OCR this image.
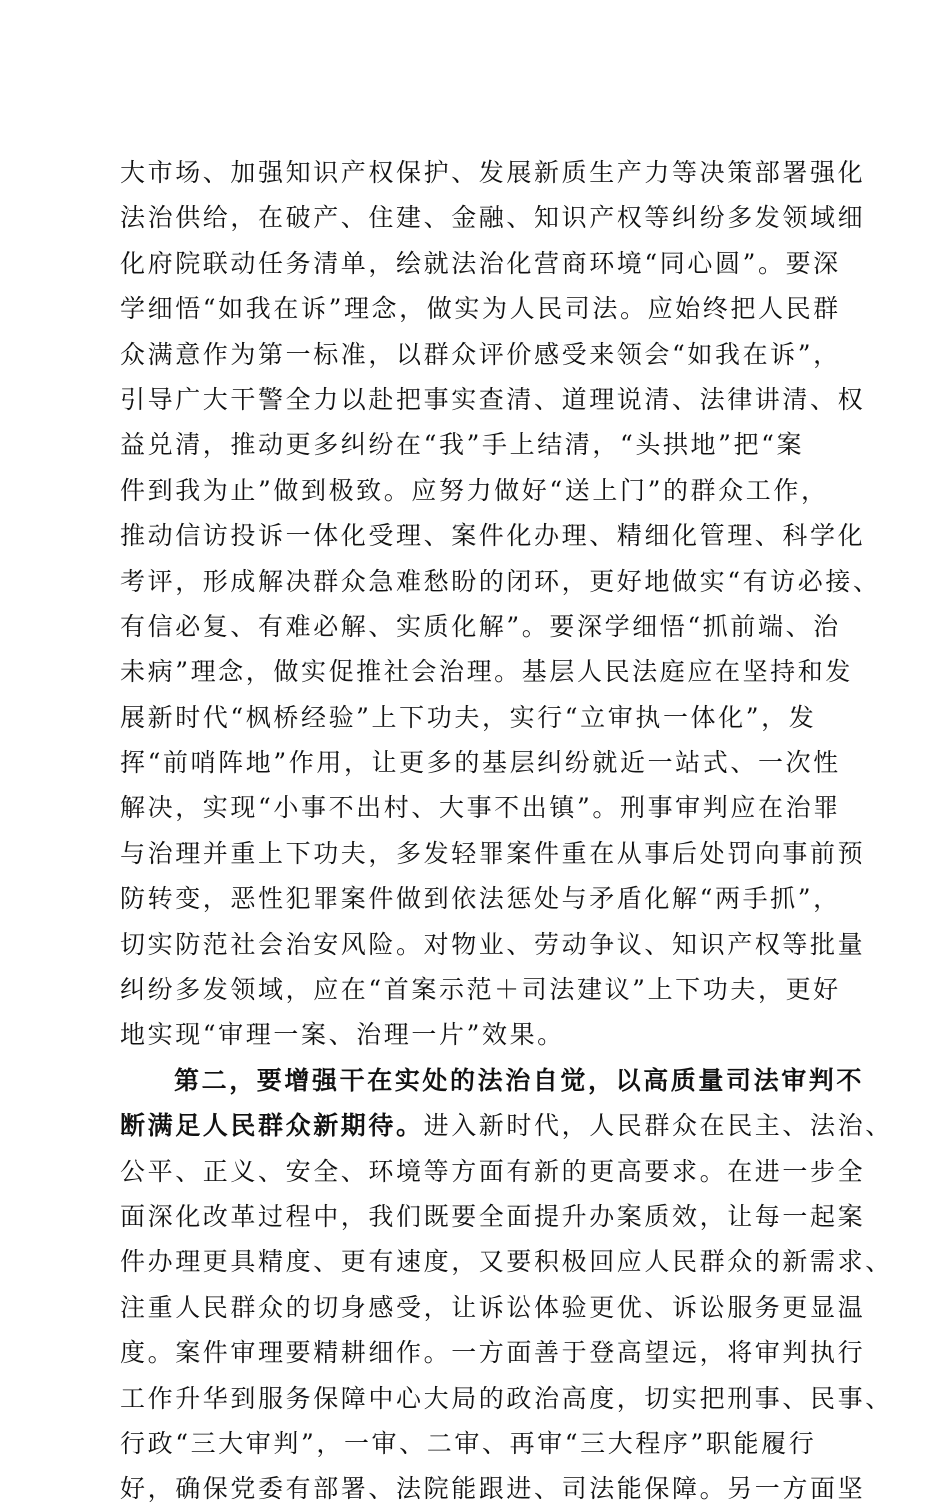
大市场、加强知识产权保护、发展新质生产力等决策部署强化
法治供给，在破产、住建、金融、知识产权等纠纷多发领域细
化府院联动任务清单，绘就法治化营商环境“同心圆”。要深
学细悟“如我在诉”理念，做实为人民司法。应始终把人民群
众满意作为第一标准，以群众评价感受来领会“如我在诉”，
引导广大干警全力以赴把事实查清、道理说清、法律讲清、权
益兑清，推动更多纠纷在“我”手上结清，“头拱地”把“案
件到我为止”做到极致。应努力做好“送上门”的群众工作，
推动信访投诉一体化受理、案件化办理、精细化管理、科学化
考评，形成解决群众急难愁盼的闭环，更好地做实“有访必接、
有信必复、有难必解、实质化解”。要深学细悟“抓前端、治
未病”理念，做实促推社会治理。基层人民法庭应在坚持和发
展新时代“枫桥经验”上下功夫，实行“立审执一体化”，发
挥“前哨阵地”作用，让更多的基层纠纷就近一站式、一次性
解决，实现“小事不出村、大事不出镇”。刑事审判应在治罪
与治理并重上下功夫，多发轻罪案件重在从事后处罚向事前预
防转变，恶性犯罪案件做到依法惩处与矛盾化解“两手抓”，
切实防范社会治安风险。对物业、劳动争议、知识产权等批量
纠纷多发领域，应在“首案示范＋司法建议”上下功夫，更好
地实现“审理一案、治理一片”效果。
第二，要增强干在实处的法治自觉，以高质量司法审判不
断满足人民群众新期待。进入新时代，人民群众在民主、法治、
公平、正义、安全、环境等方面有新的更高要求。在进一步全
面深化改革过程中，我们既要全面提升办案质效，让每一起案
件办理更具精度、更有速度，又要积极回应人民群众的新需求、
注重人民群众的切身感受，让诉讼体验更优、诉讼服务更显温
度。案件审理要精耕细作。一方面善于登高望远，将审判执行
工作升华到服务保障中心大局的政治高度，切实把刑事、民事、
行政“三大审判”，一审、二审、再审“三大程序”职能履行
好，确保党委有部署、法院能跟进、司法能保障。另一方面坚
